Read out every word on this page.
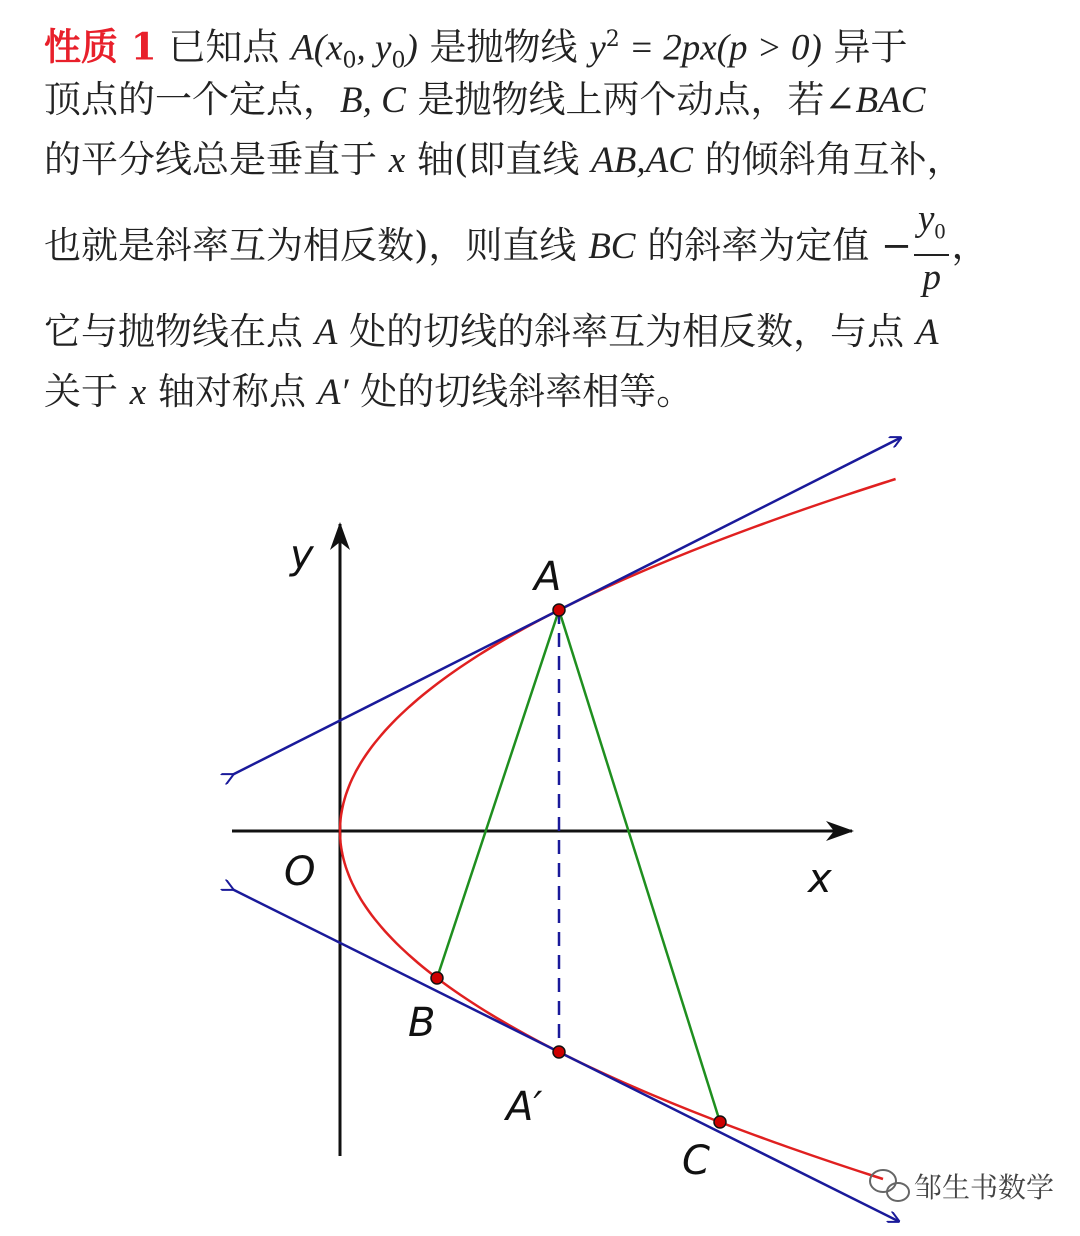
性质 1 已知点 $A(x_0$, $y_0$) 是抛物线 $y^2 = 2px(p > 0)$ 异于
顶点的一个定点，B, C 是抛物线上两个动点，若∠BAC
的平分线总是垂直于 x 轴(即直线 AB,AC 的倾斜角互补，
也就是斜率互为相反数)，则直线 BC 的斜率为定值 − $\frac{y_0}{p}$ ，
它与抛物线在点 A 处的切线的斜率互为相反数，与点 A
关于 x 轴对称点 A′ 处的切线斜率相等。
y
x
O
A
B
A′
C
邹生书数学
